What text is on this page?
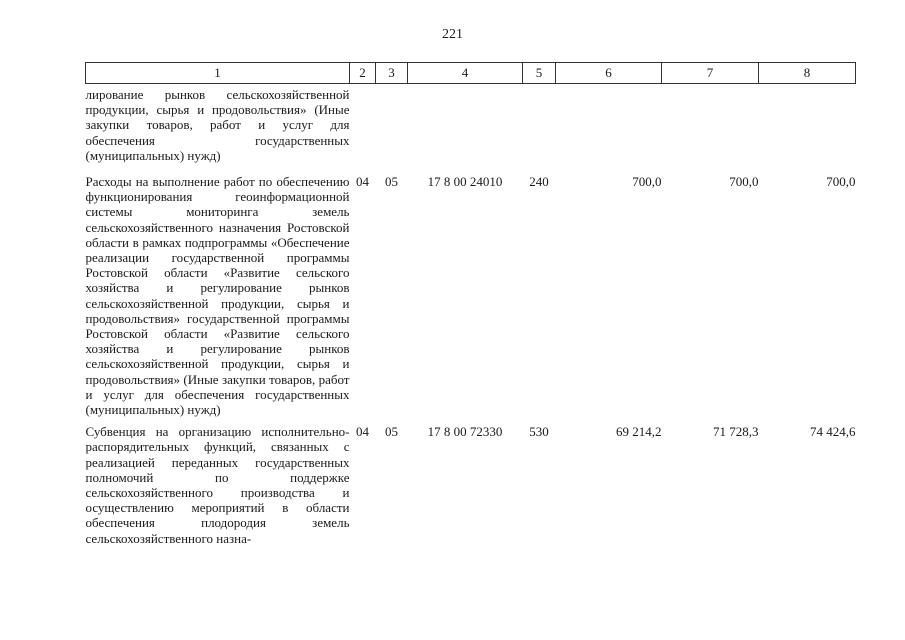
221
1	2	3	4	5	6	7	8

лирование рынков сельскохозяйственной продукции, сырья и продовольствия» (Иные закупки товаров, работ и услуг для обеспечения государственных (муниципальных) нужд)							

Расходы на выполнение работ по обеспечению функционирования геоинформационной системы мониторинга земель сельскохозяйственного назначения Ростовской области в рамках подпрограммы «Обеспечение реализации государственной программы Ростовской области «Развитие сельского хозяйства и регулирование рынков сельскохозяйственной продукции, сырья и продовольствия» государственной программы Ростовской области «Развитие сельского хозяйства и регулирование рынков сельскохозяйственной продукции, сырья и продовольствия» (Иные закупки товаров, работ и услуг для обеспечения государственных (муниципальных) нужд)	04	05	17 8 00 24010	240	700,0	700,0	700,0

Субвенция на организацию исполнительно-распорядительных функций, связанных с реализацией переданных государственных полномочий по поддержке сельскохозяйственного производства и осуществлению мероприятий в области обеспечения плодородия земель сельскохозяйственного назна-	04	05	17 8 00 72330	530	69 214,2	71 728,3	74 424,6
